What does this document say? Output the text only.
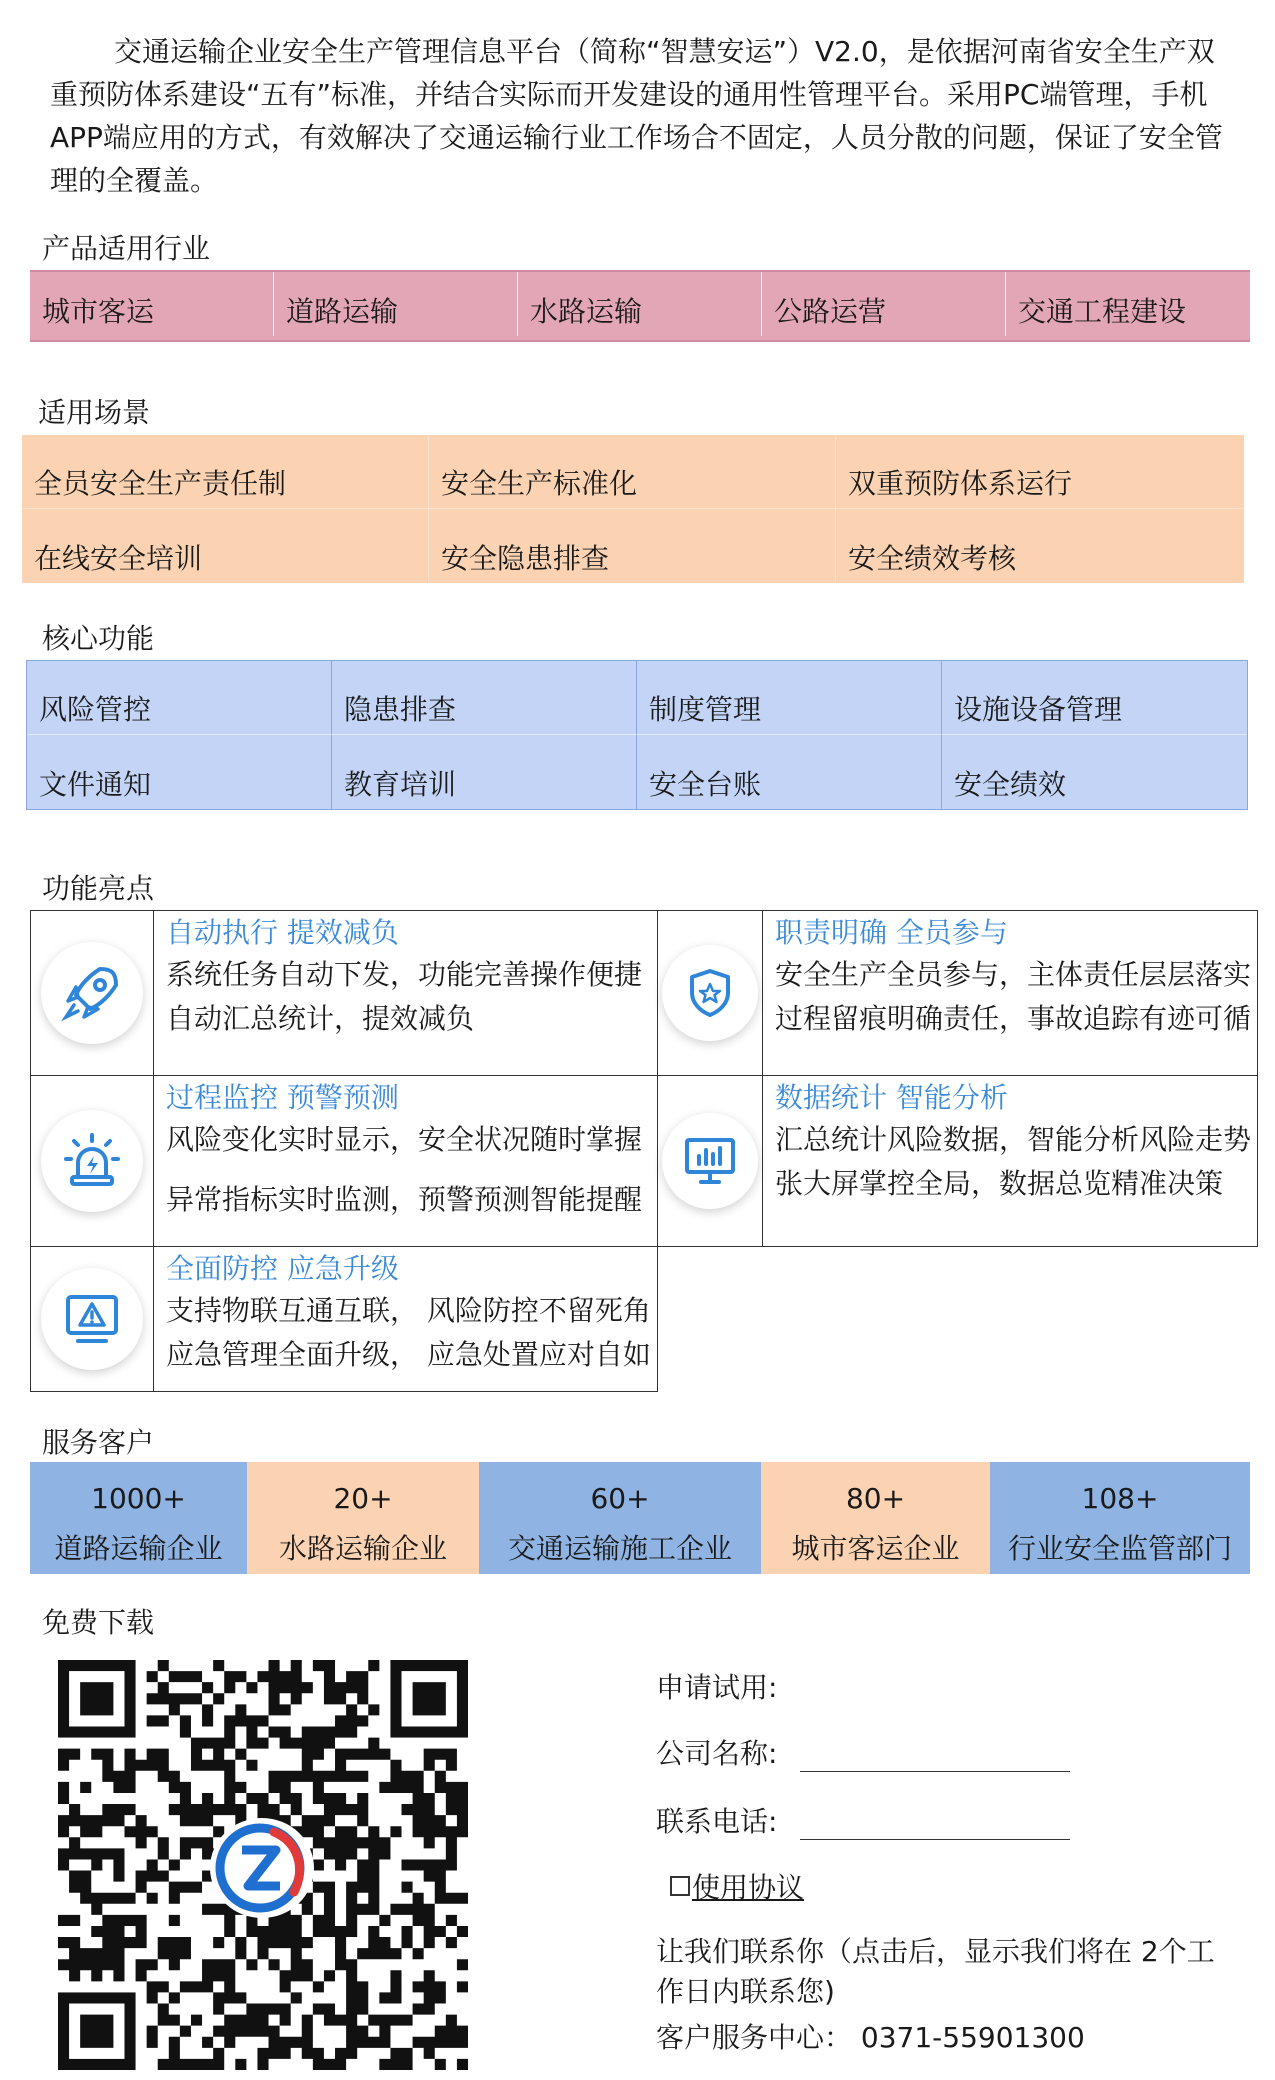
交通运输企业安全生产管理信息平台（简称“智慧安运”）V2.0，是依据河南省安全生产双重预防体系建设“五有”标准，并结合实际而开发建设的通用性管理平台。采用PC端管理，手机APP端应用的方式，有效解决了交通运输行业工作场合不固定，人员分散的问题，保证了安全管理的全覆盖。

产品适用行业
城市客运	道路运输	水路运输	公路运营	交通工程建设
适用场景
全员安全生产责任制	安全生产标准化	双重预防体系运行
在线安全培训	安全隐患排查	安全绩效考核
核心功能
风险管控	隐患排查	制度管理	设施设备管理
文件通知	教育培训	安全台账	安全绩效
功能亮点
自动执行 提效减负
系统任务自动下发，功能完善操作便捷
自动汇总统计，提效减负
职责明确 全员参与
安全生产全员参与，主体责任层层落实
过程留痕明确责任，事故追踪有迹可循
过程监控 预警预测
风险变化实时显示，安全状况随时掌握
异常指标实时监测，预警预测智能提醒
数据统计 智能分析
汇总统计风险数据，智能分析风险走势
张大屏掌控全局，数据总览精准决策
全面防控 应急升级
支持物联互通互联， 风险防控不留死角
应急管理全面升级， 应急处置应对自如
服务客户
1000+
道路运输企业
20+
水路运输企业
60+
交通运输施工企业
80+
城市客运企业
108+
行业安全监管部门
免费下载
申请试用:
公司名称:
联系电话:
使用协议
让我们联系你（点击后，显示我们将在 2个工作日内联系您)
客户服务中心： 0371-55901300
